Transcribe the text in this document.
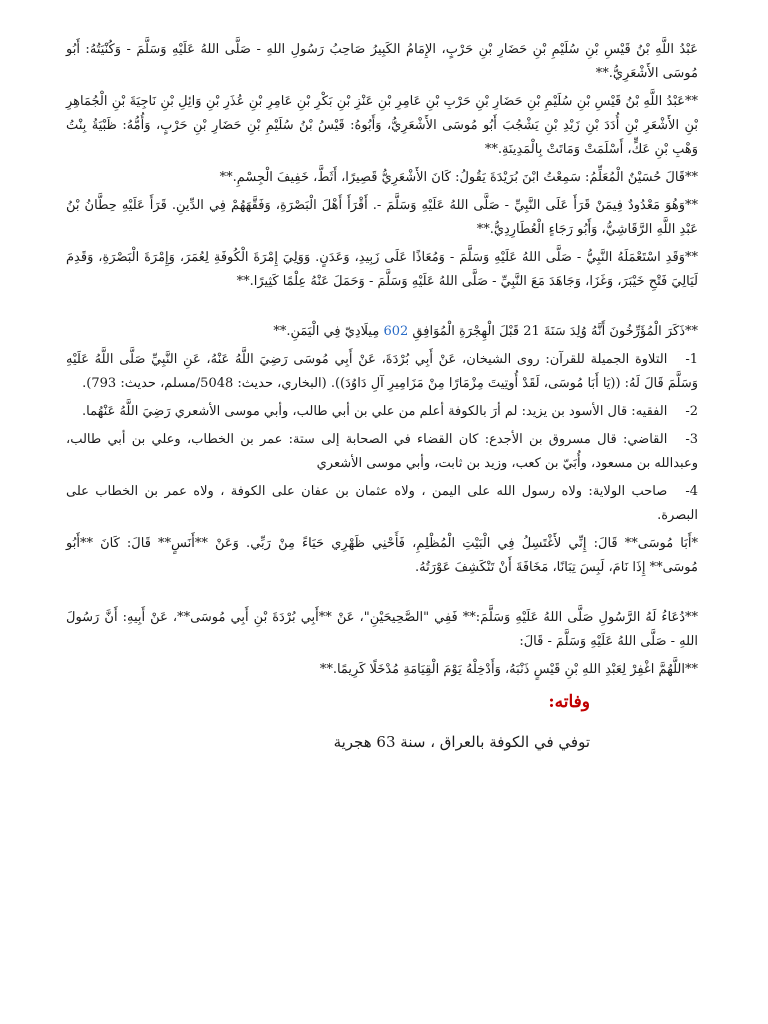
عَبْدُ اللَّهِ بْنُ قَيْسِ بْنِ سُلَيْمِ بْنِ حَضَارِ بْنِ حَرْبٍ، الإِمَامُ الكَبِيرُ صَاحِبُ رَسُولِ اللهِ - صَلَّى اللهُ عَلَيْهِ وَسَلَّمَ - وَكُنْيَتُهُ: أَبُو مُوسَى الأَشْعَرِيُّ.**

**عَبْدُ اللَّهِ بْنُ قَيْسِ بْنِ سُلَيْمِ بْنِ حَضَارِ بْنِ حَرْبِ بْنِ عَامِرِ بْنِ عَنْزِ بْنِ بَكْرِ بْنِ عَامِرِ بْنِ عُذَرِ بْنِ وَائِلِ بْنِ نَاجِيَةَ بْنِ الْجُمَاهِرِ بْنِ الأَشْعَرِ بْنِ أُدَدَ بْنِ زَيْدِ بْنِ يَشْجُبَ أَبُو مُوسَى الأَشْعَرِيُّ، وَأَبُوهُ: قَيْسُ بْنُ سُلَيْمِ بْنِ حَضَارِ بْنِ حَرْبٍ، وَأُمُّهُ: ظَبْيَةُ بِنْتُ وَهْبِ بْنِ عَكٍّ، أَسْلَمَتْ وَمَاتَتْ بِالْمَدِينَةِ.**

**قَالَ حُسَيْنٌ الْمُعَلِّمُ: سَمِعْتُ ابْنَ بُرَيْدَةَ يَقُولُ: كَانَ الأَشْعَرِيُّ قَصِيرًا، أَثَطَّ، خَفِيفَ الْجِسْمِ.**

**وَهُوَ مَعْدُودٌ فِيمَنْ قَرَأَ عَلَى النَّبِيِّ - صَلَّى اللهُ عَلَيْهِ وَسَلَّمَ -. أَقْرَأَ أَهْلَ الْبَصْرَةِ، وَفَقَّهَهُمْ فِي الدِّينِ. قَرَأَ عَلَيْهِ حِطَّانُ بْنُ عَبْدِ اللَّهِ الرَّقَاشِيُّ، وَأَبُو رَجَاءٍ الْعُطَارِدِيُّ.**

**وَقَدِ اسْتَعْمَلَهُ النَّبِيُّ - صَلَّى اللهُ عَلَيْهِ وَسَلَّمَ - وَمُعَاذًا عَلَى زَبِيدِ، وَعَدَنٍ. وَوَلِيَ إِمْرَةَ الْكُوفَةِ لِعُمَرَ، وَإِمْرَةَ الْبَصْرَةِ، وَقَدِمَ لَيَالِيَ فَتْحِ خَيْبَرَ، وَغَزَا، وَجَاهَدَ مَعَ النَّبِيِّ - صَلَّى اللهُ عَلَيْهِ وَسَلَّمَ - وَحَمَلَ عَنْهُ عِلْمًا كَثِيرًا.**

**ذَكَرَ الْمُؤَرِّخُونَ أَنَّهُ وُلِدَ سَنَةَ 21 قَبْلَ الْهِجْرَةِ الْمُوَافِقِ 602 مِيلَادِيّ فِي الْيَمَنِ.**

1-التلاوة الجميلة للقرآن: روى الشيخان، عَنْ أَبِي بُرْدَةَ، عَنْ أَبِي مُوسَى رَضِيَ اللَّهُ عَنْهُ، عَنِ النَّبِيِّ صَلَّى اللَّهُ عَلَيْهِ وَسَلَّمَ قَالَ لَهُ: ((يَا أَبَا مُوسَى، لَقَدْ أُوتِيتَ مِزْمَارًا مِنْ مَزَامِيرِ آلِ دَاوُدَ)). (البخاري، حديث: 5048/مسلم، حديث: 793).

2-الفقيه: قال الأسود بن يزيد: لم أرَ بالكوفة أعلم من علي بن أبي طالب، وأبي موسى الأشعري رَضِيَ اللَّهُ عَنْهُما.

3-القاضي: قال مسروق بن الأجدع: كان القضاء في الصحابة إلى ستة: عمر بن الخطاب، وعلي بن أبي طالب، وعبدالله بن مسعود، وأُبَيّ بن كعب، وزيد بن ثابت، وأبي موسى الأشعري

4-صاحب الولاية: ولاه رسول الله على اليمن ، ولاه عثمان بن عفان على الكوفة ، ولاه عمر بن الخطاب على البصرة.

*أَبَا مُوسَى** قَالَ: إِنِّي لأَغْتَسِلُ فِي الْبَيْتِ الْمُظْلِمِ، فَأَحْنِي ظَهْرِي حَيَاءً مِنْ رَبِّي. وَعَنْ **أَنَسٍ** قَالَ: كَانَ **أَبُو مُوسَى** إِذَا نَامَ، لَبِسَ تِبَانًا، مَخَافَةَ أَنْ تَنْكَشِفَ عَوْرَتُهُ.

**دُعَاءُ لَهُ الرَّسُولِ صَلَّى اللهُ عَلَيْهِ وَسَلَّمَ:** فَفِي "الصَّحِيحَيْنِ"، عَنْ **أَبِي بُرْدَةَ بْنِ أَبِي مُوسَى**، عَنْ أَبِيهِ: أَنَّ رَسُولَ اللهِ - صَلَّى اللهُ عَلَيْهِ وَسَلَّمَ - قَالَ:

**اللَّهُمَّ اغْفِرْ لِعَبْدِ اللهِ بْنِ قَيْسٍ ذَنْبَهُ، وَأَدْخِلْهُ يَوْمَ الْقِيَامَةِ مُدْخَلًا كَرِيمًا.**

وفاته:

توفي في الكوفة بالعراق ، سنة 63 هجرية
